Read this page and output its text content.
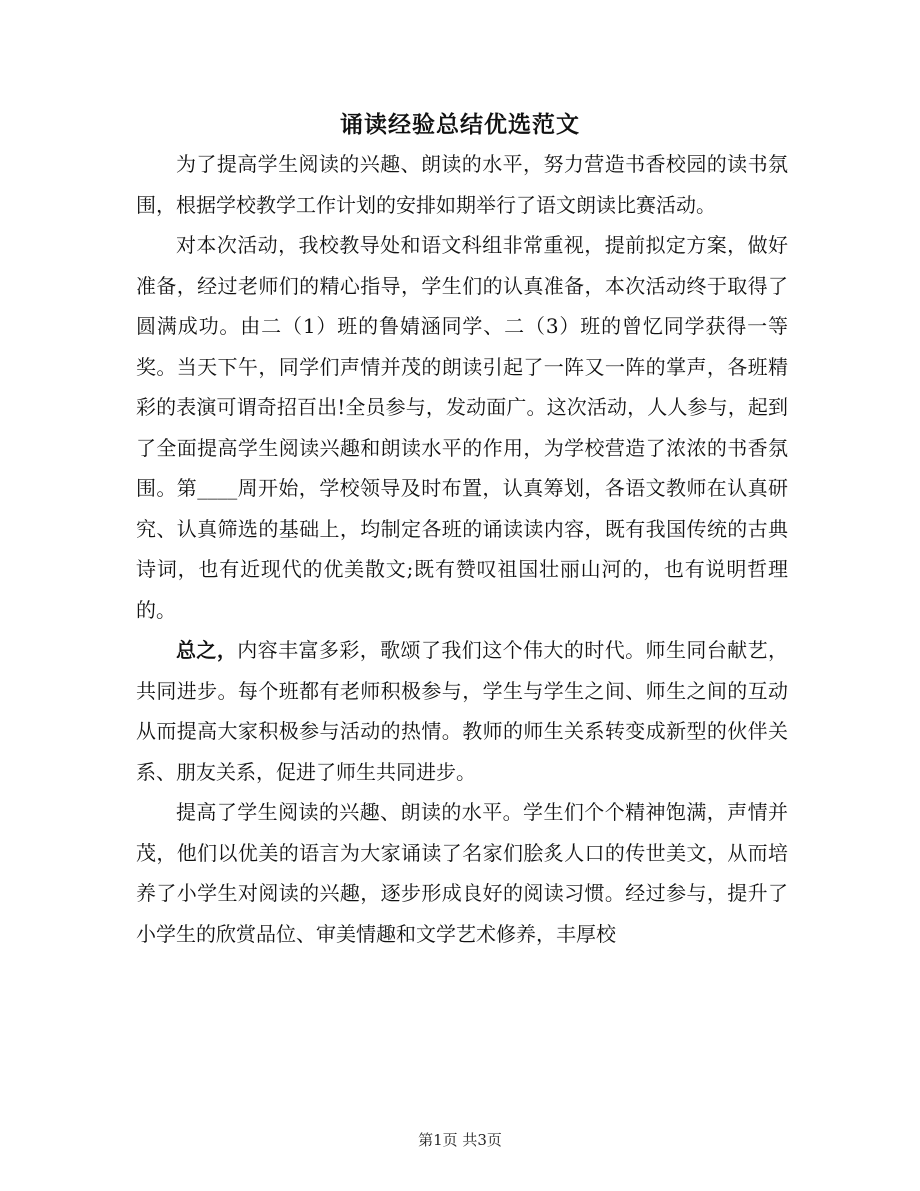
诵读经验总结优选范文

为了提高学生阅读的兴趣、朗读的水平，努力营造书香校园的读书氛围，根据学校教学工作计划的安排如期举行了语文朗读比赛活动。

对本次活动，我校教导处和语文科组非常重视，提前拟定方案，做好准备，经过老师们的精心指导，学生们的认真准备，本次活动终于取得了圆满成功。由二（1）班的鲁婧涵同学、二（3）班的曾忆同学获得一等奖。当天下午，同学们声情并茂的朗读引起了一阵又一阵的掌声，各班精彩的表演可谓奇招百出!全员参与，发动面广。这次活动，人人参与，起到了全面提高学生阅读兴趣和朗读水平的作用，为学校营造了浓浓的书香氛围。第____周开始，学校领导及时布置，认真筹划，各语文教师在认真研究、认真筛选的基础上，均制定各班的诵读读内容，既有我国传统的古典诗词，也有近现代的优美散文;既有赞叹祖国壮丽山河的，也有说明哲理的。

总之，内容丰富多彩，歌颂了我们这个伟大的时代。师生同台献艺，共同进步。每个班都有老师积极参与，学生与学生之间、师生之间的互动从而提高大家积极参与活动的热情。教师的师生关系转变成新型的伙伴关系、朋友关系，促进了师生共同进步。

提高了学生阅读的兴趣、朗读的水平。学生们个个精神饱满，声情并茂，他们以优美的语言为大家诵读了名家们脍炙人口的传世美文，从而培养了小学生对阅读的兴趣，逐步形成良好的阅读习惯。经过参与，提升了小学生的欣赏品位、审美情趣和文学艺术修养，丰厚校

第1页 共3页
